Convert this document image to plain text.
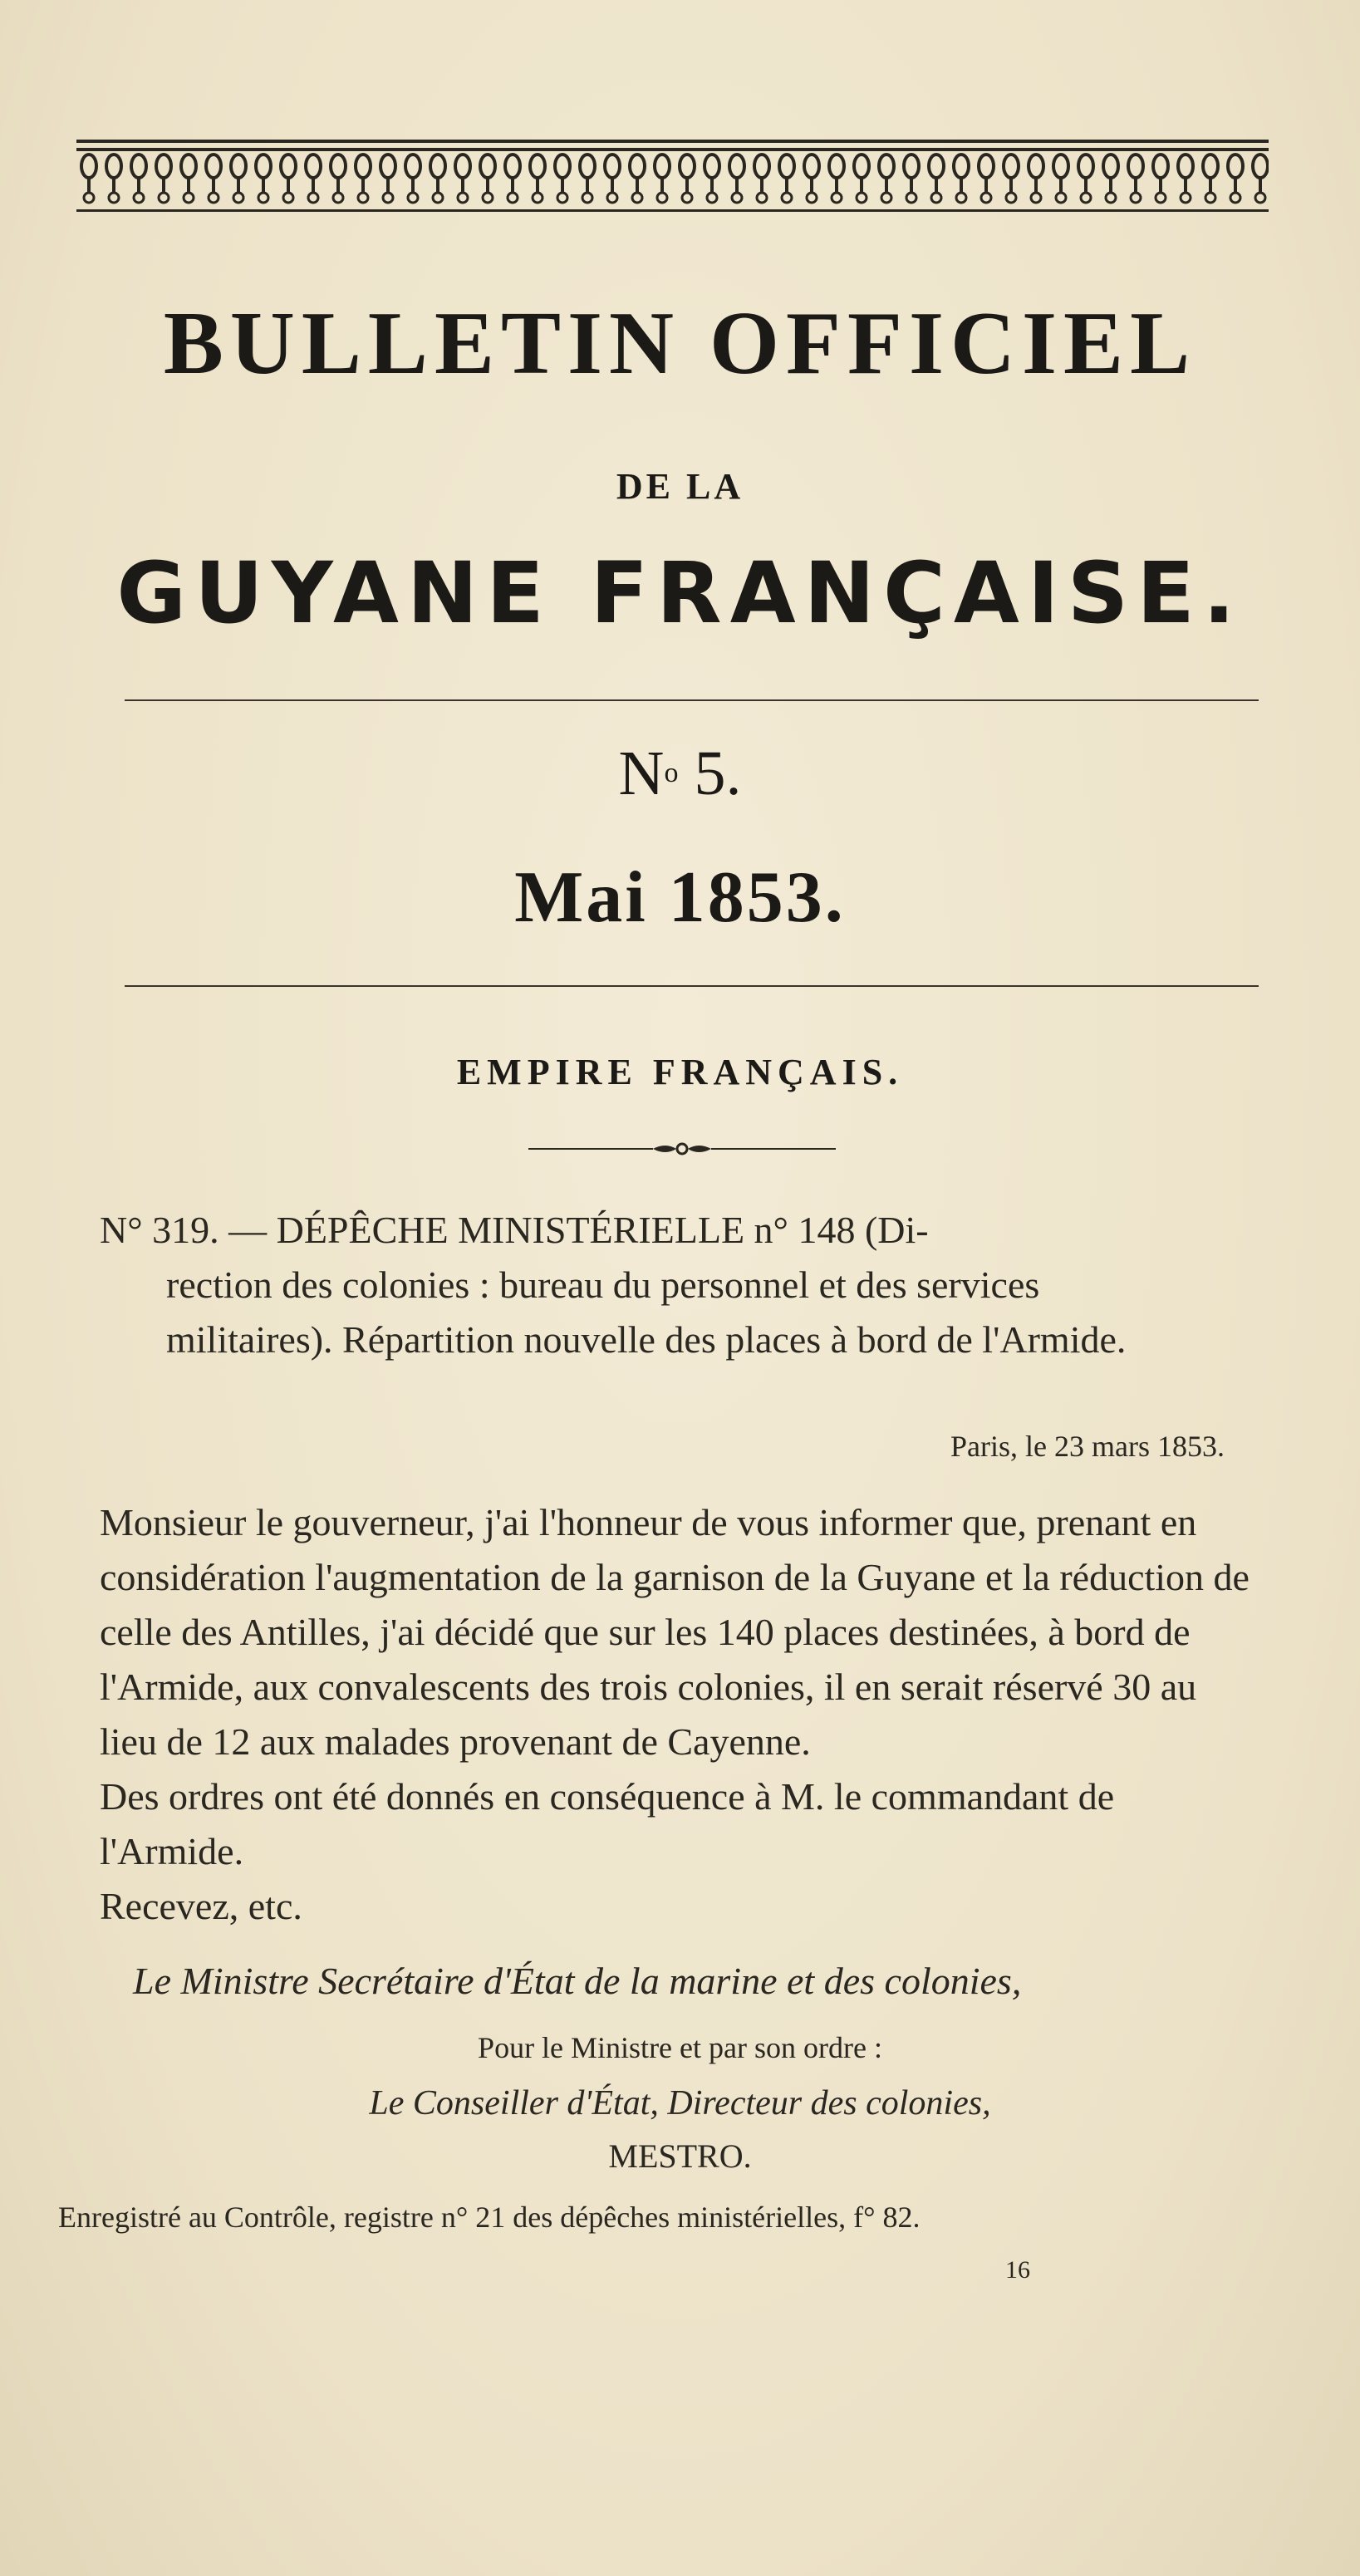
BULLETIN OFFICIEL
DE LA
GUYANE FRANÇAISE.
$N^o$ 5.
Mai 1853.
EMPIRE FRANÇAIS.

N° 319. — DÉPÊCHE MINISTÉRIELLE n° 148 (Di-

rection des colonies : bureau du personnel et des services

militaires). Répartition nouvelle des places à bord de l'Armide.

Paris, le 23 mars 1853.

Monsieur le gouverneur, j'ai l'honneur de vous informer que, prenant en considération l'augmentation de la garnison de la Guyane et la réduction de celle des Antilles, j'ai décidé que sur les 140 places destinées, à bord de l'Armide, aux convalescents des trois colonies, il en serait réservé 30 au lieu de 12 aux malades provenant de Cayenne.

Des ordres ont été donnés en conséquence à M. le commandant de l'Armide.

Recevez, etc.

Le Ministre Secrétaire d'État de la marine et des colonies,
Pour le Ministre et par son ordre :
Le Conseiller d'État, Directeur des colonies,
MESTRO.
Enregistré au Contrôle, registre n° 21 des dépêches ministérielles, f° 82.
16
